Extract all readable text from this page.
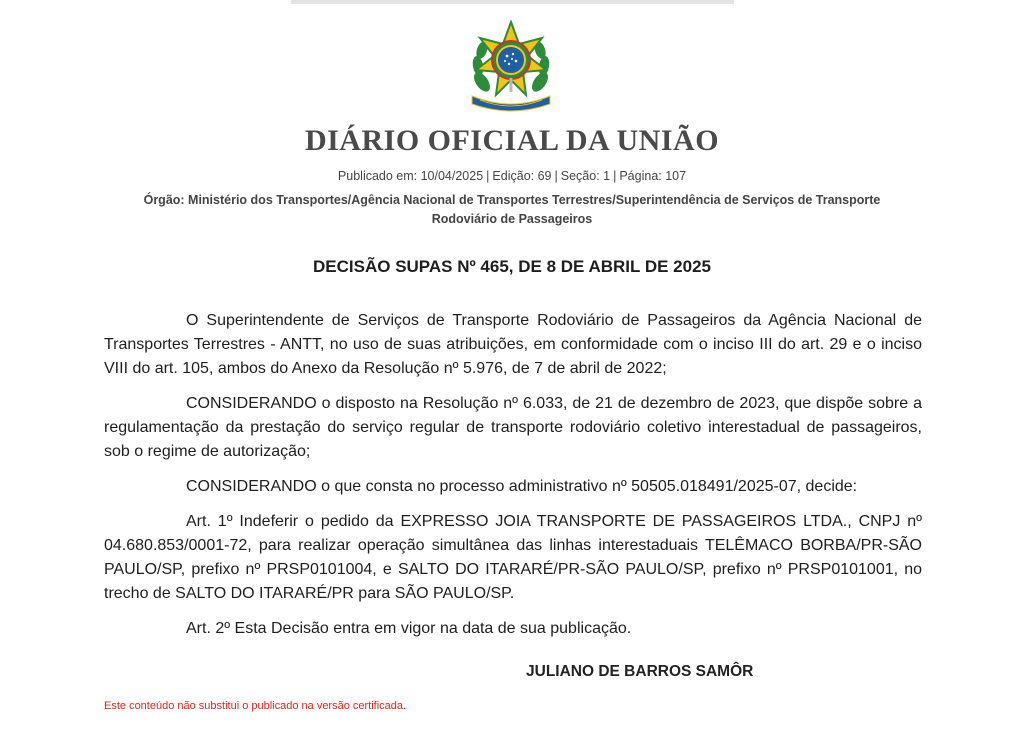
DIÁRIO OFICIAL DA UNIÃO
Publicado em: 10/04/2025 | Edição: 69 | Seção: 1 | Página: 107
Órgão: Ministério dos Transportes/Agência Nacional de Transportes Terrestres/Superintendência de Serviços de Transporte Rodoviário de Passageiros
DECISÃO SUPAS Nº 465, DE 8 DE ABRIL DE 2025

O Superintendente de Serviços de Transporte Rodoviário de Passageiros da Agência Nacional de Transportes Terrestres - ANTT, no uso de suas atribuições, em conformidade com o inciso III do art. 29 e o inciso VIII do art. 105, ambos do Anexo da Resolução nº 5.976, de 7 de abril de 2022;

CONSIDERANDO o disposto na Resolução nº 6.033, de 21 de dezembro de 2023, que dispõe sobre a regulamentação da prestação do serviço regular de transporte rodoviário coletivo interestadual de passageiros, sob o regime de autorização;

CONSIDERANDO o que consta no processo administrativo nº 50505.018491/2025-07, decide:

Art. 1º Indeferir o pedido da EXPRESSO JOIA TRANSPORTE DE PASSAGEIROS LTDA., CNPJ nº 04.680.853/0001-72, para realizar operação simultânea das linhas interestaduais TELÊMACO BORBA/PR-SÃO PAULO/SP, prefixo nº PRSP0101004, e SALTO DO ITARARÉ/PR-SÃO PAULO/SP, prefixo nº PRSP0101001, no trecho de SALTO DO ITARARÉ/PR para SÃO PAULO/SP.

Art. 2º Esta Decisão entra em vigor na data de sua publicação.

JULIANO DE BARROS SAMÔR
Este conteúdo não substitui o publicado na versão certificada.
